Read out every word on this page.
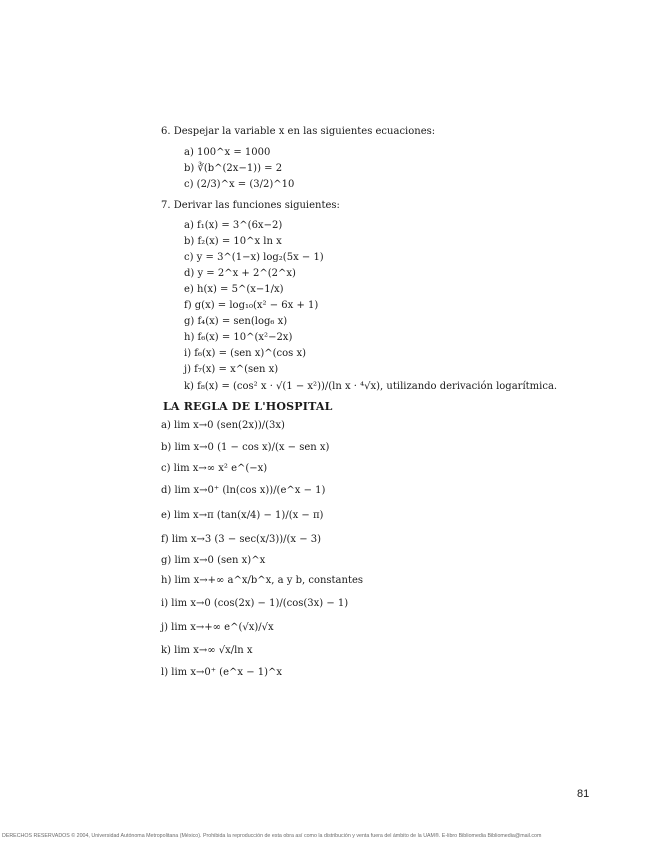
6. Despejar la variable x en las siguientes ecuaciones:
a) 100^x = 1000
b) ∛(b^(2x−1)) = 2
c) (2/3)^x = (3/2)^10
7. Derivar las funciones siguientes:
a) f₁(x) = 3^(6x−2)
b) f₂(x) = 10^x ln x
c) y = 3^(1−x) log₂(5x − 1)
d) y = 2^x + 2^(2^x)
e) h(x) = 5^(x−1/x)
f) g(x) = log₁₀(x² − 6x + 1)
g) f₄(x) = sen(log₆ x)
h) f₆(x) = 10^(x²−2x)
i) f₆(x) = (sen x)^(cos x)
j) f₇(x) = x^(sen x)
k) f₈(x) = (cos² x · √(1 − x²))/(ln x · ⁴√x), utilizando derivación logarítmica.
LA REGLA DE L'HOSPITAL
a) lim x→0 (sen(2x))/(3x)
b) lim x→0 (1 − cos x)/(x − sen x)
c) lim x→∞ x² e^(−x)
d) lim x→0⁺ (ln(cos x))/(e^x − 1)
e) lim x→π (tan(x/4) − 1)/(x − π)
f) lim x→3 (3 − sec(x/3))/(x − 3)
g) lim x→0 (sen x)^x
h) lim x→+∞ a^x/b^x, a y b, constantes
i) lim x→0 (cos(2x) − 1)/(cos(3x) − 1)
j) lim x→+∞ e^(√x)/√x
k) lim x→∞ √x/ln x
l) lim x→0⁺ (e^x − 1)^x
81
DERECHOS RESERVADOS © 2004, Universidad Autónoma Metropolitana (México). Prohibida la reproducción de esta obra así como la distribución y venta fuera del ámbito de la UAM®. E-libro Bibliomedia Bibliomedia@mail.com
